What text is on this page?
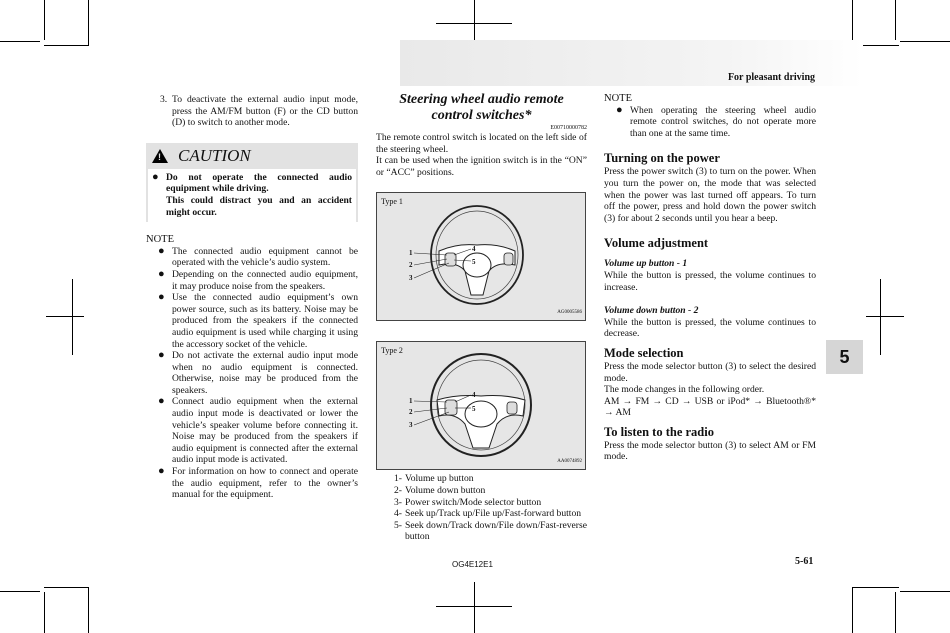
For pleasant driving
3. To deactivate the external audio input mode, press the AM/FM button (F) or the CD button (D) to switch to another mode.
! CAUTION
● Do not operate the connected audio equipment while driving.
This could distract you and an accident might occur.
NOTE
● The connected audio equipment cannot be operated with the vehicle’s audio system.
● Depending on the connected audio equipment, it may produce noise from the speakers.
● Use the connected audio equipment’s own power source, such as its battery. Noise may be produced from the speakers if the connected audio equipment is used while charging it using the accessory socket of the vehicle.
● Do not activate the external audio input mode when no audio equipment is connected. Otherwise, noise may be produced from the speakers.
● Connect audio equipment when the external audio input mode is deactivated or lower the vehicle’s speaker volume before connecting it. Noise may be produced from the speakers if audio equipment is connected after the external audio input mode is activated.
● For information on how to connect and operate the audio equipment, refer to the owner’s manual for the equipment.
Steering wheel audio remote control switches*
E00710000782
The remote control switch is located on the left side of the steering wheel.
It can be used when the ignition switch is in the “ON” or “ACC” positions.
Type 1
1
2
3
4
5
AG0005586
Type 2
1
2
3
4
5
AA0074892
1- Volume up button
2- Volume down button
3- Power switch/Mode selector button
4- Seek up/Track up/File up/Fast-forward button
5- Seek down/Track down/File down/Fast-reverse button
NOTE
● When operating the steering wheel audio remote control switches, do not operate more than one at the same time.
Turning on the power
Press the power switch (3) to turn on the power. When you turn the power on, the mode that was selected when the power was last turned off appears. To turn off the power, press and hold down the power switch (3) for about 2 seconds until you hear a beep.
Volume adjustment
Volume up button - 1
While the button is pressed, the volume continues to increase.
Volume down button - 2
While the button is pressed, the volume continues to decrease.
Mode selection
Press the mode selector button (3) to select the desired mode.
The mode changes in the following order.
AM → FM → CD → USB or iPod* → Bluetooth®* → AM
To listen to the radio
Press the mode selector button (3) to select AM or FM mode.
5
OG4E12E1	5-61
